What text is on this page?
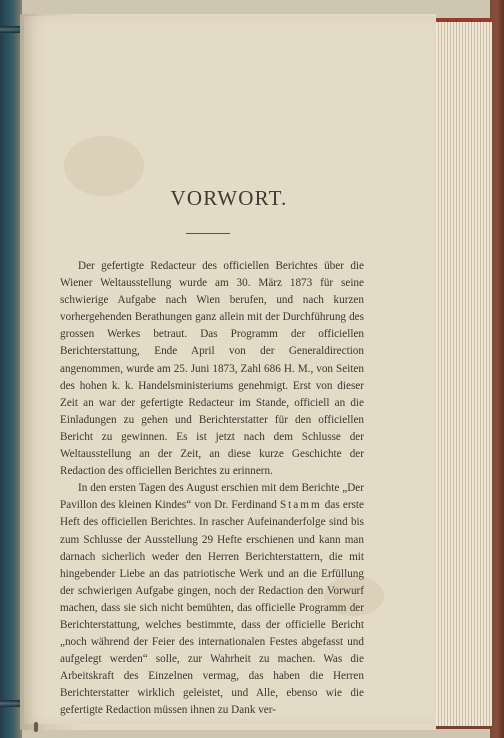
VORWORT.

Der gefertigte Redacteur des officiellen Berichtes über die Wiener Weltausstellung wurde am 30. März 1873 für seine schwierige Aufgabe nach Wien berufen, und nach kurzen vorhergehenden Berathungen ganz allein mit der Durchführung des grossen Werkes betraut. Das Programm der officiellen Berichterstattung, Ende April von der Generaldirection angenommen, wurde am 25. Juni 1873, Zahl 686 H. M., von Seiten des hohen k. k. Handelsministeriums genehmigt. Erst von dieser Zeit an war der gefertigte Redacteur im Stande, officiell an die Einladungen zu gehen und Berichterstatter für den officiellen Bericht zu gewinnen. Es ist jetzt nach dem Schlusse der Weltausstellung an der Zeit, an diese kurze Geschichte der Redaction des officiellen Berichtes zu erinnern.

In den ersten Tagen des August erschien mit dem Berichte „Der Pavillon des kleinen Kindes“ von Dr. Ferdinand Stamm das erste Heft des officiellen Berichtes. In rascher Aufeinanderfolge sind bis zum Schlusse der Ausstellung 29 Hefte erschienen und kann man darnach sicherlich weder den Herren Berichterstattern, die mit hingebender Liebe an das patriotische Werk und an die Erfüllung der schwierigen Aufgabe gingen, noch der Redaction den Vorwurf machen, dass sie sich nicht bemühten, das officielle Programm der Berichterstattung, welches bestimmte, dass der officielle Bericht „noch während der Feier des internationalen Festes abgefasst und aufgelegt werden“ solle, zur Wahrheit zu machen. Was die Arbeitskraft des Einzelnen vermag, das haben die Herren Berichterstatter wirklich geleistet, und Alle, ebenso wie die gefertigte Redaction müssen ihnen zu Dank ver-
